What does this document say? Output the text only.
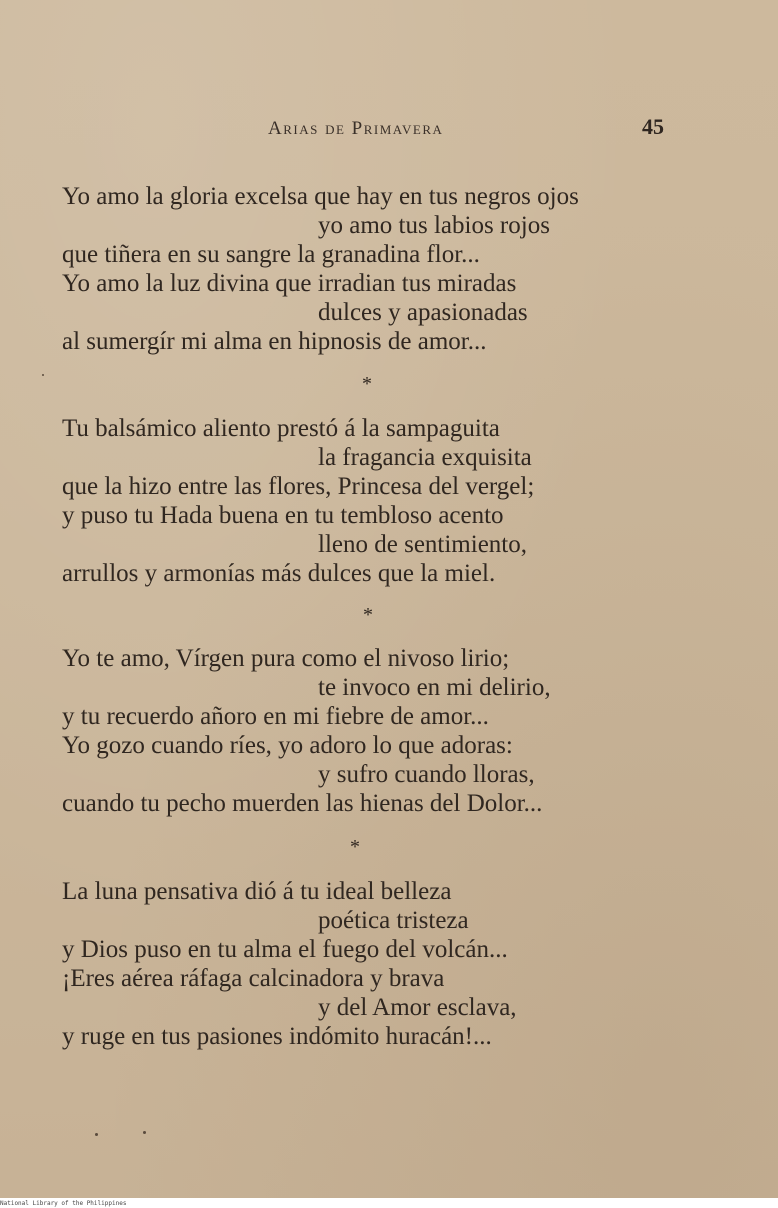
Arias de Primavera	45
Yo amo la gloria excelsa que hay en tus negros ojos
yo amo tus labios rojos
que tiñera en su sangre la granadina flor...
Yo amo la luz divina que irradian tus miradas
dulces y apasionadas
al sumergír mi alma en hipnosis de amor...
*
Tu balsámico aliento prestó á la sampaguita
la fragancia exquisita
que la hizo entre las flores, Princesa del vergel;
y puso tu Hada buena en tu tembloso acento
lleno de sentimiento,
arrullos y armonías más dulces que la miel.
*
Yo te amo, Vírgen pura como el nivoso lirio;
te invoco en mi delirio,
y tu recuerdo añoro en mi fiebre de amor...
Yo gozo cuando ríes, yo adoro lo que adoras:
y sufro cuando lloras,
cuando tu pecho muerden las hienas del Dolor...
*
La luna pensativa dió á tu ideal belleza
poética tristeza
y Dios puso en tu alma el fuego del volcán...
¡Eres aérea ráfaga calcinadora y brava
y del Amor esclava,
y ruge en tus pasiones indómito huracán!...
National Library of the Philippines
